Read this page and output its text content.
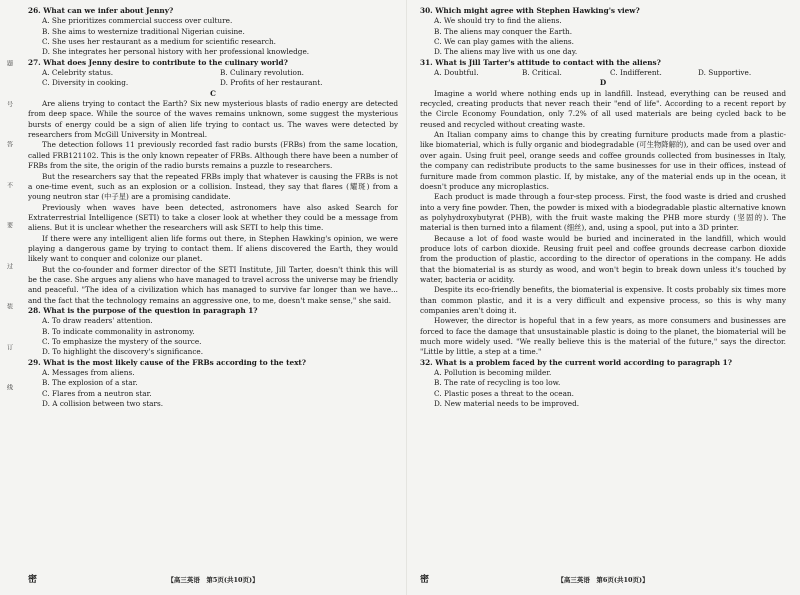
题
号
答
不
要
过
装
订
线

26. What can we infer about Jenny?

A. She prioritizes commercial success over culture.

B. She aims to westernize traditional Nigerian cuisine.

C. She uses her restaurant as a medium for scientific research.

D. She integrates her personal history with her professional knowledge.

27. What does Jenny desire to contribute to the culinary world?

A. Celebrity status.	B. Culinary revolution.
C. Diversity in cooking.	D. Profits of her restaurant.

C

Are aliens trying to contact the Earth? Six new mysterious blasts of radio energy are detected from deep space. While the source of the waves remains unknown, some suggest the mysterious bursts of energy could be a sign of alien life trying to contact us. The waves were detected by researchers from McGill University in Montreal.

The detection follows 11 previously recorded fast radio bursts (FRBs) from the same location, called FRB121102. This is the only known repeater of FRBs. Although there have been a number of FRBs from the site, the origin of the radio bursts remains a puzzle to researchers.

But the researchers say that the repeated FRBs imply that whatever is causing the FRBs is not a one-time event, such as an explosion or a collision. Instead, they say that flares (耀斑) from a young neutron star (中子星) are a promising candidate.

Previously when waves have been detected, astronomers have also asked Search for Extraterrestrial Intelligence (SETI) to take a closer look at whether they could be a message from aliens. But it is unclear whether the researchers will ask SETI to help this time.

If there were any intelligent alien life forms out there, in Stephen Hawking's opinion, we were playing a dangerous game by trying to contact them. If aliens discovered the Earth, they would likely want to conquer and colonize our planet.

But the co-founder and former director of the SETI Institute, Jill Tarter, doesn't think this will be the case. She argues any aliens who have managed to travel across the universe may be friendly and peaceful. "The idea of a civilization which has managed to survive far longer than we have... and the fact that the technology remains an aggressive one, to me, doesn't make sense," she said.

28. What is the purpose of the question in paragraph 1?

A. To draw readers' attention.

B. To indicate commonality in astronomy.

C. To emphasize the mystery of the source.

D. To highlight the discovery's significance.

29. What is the most likely cause of the FRBs according to the text?

A. Messages from aliens.

B. The explosion of a star.

C. Flares from a neutron star.

D. A collision between two stars.

密	【高三英语　第5页(共10页)】

30. Which might agree with Stephen Hawking's view?

A. We should try to find the aliens.

B. The aliens may conquer the Earth.

C. We can play games with the aliens.

D. The aliens may live with us one day.

31. What is Jill Tarter's attitude to contact with the aliens?

A. Doubtful.	B. Critical.	C. Indifferent.	D. Supportive.

D

Imagine a world where nothing ends up in landfill. Instead, everything can be reused and recycled, creating products that never reach their "end of life". According to a recent report by the Circle Economy Foundation, only 7.2% of all used materials are being cycled back to be reused and recycled without creating waste.

An Italian company aims to change this by creating furniture products made from a plastic-like biomaterial, which is fully organic and biodegradable (可生物降解的), and can be used over and over again. Using fruit peel, orange seeds and coffee grounds collected from businesses in Italy, the company can redistribute products to the same businesses for use in their offices, instead of furniture made from common plastic. If, by mistake, any of the material ends up in the ocean, it doesn't produce any microplastics.

Each product is made through a four-step process. First, the food waste is dried and crushed into a very fine powder. Then, the powder is mixed with a biodegradable plastic alternative known as polyhydroxybutyrat (PHB), with the fruit waste making the PHB more sturdy (坚固的). The material is then turned into a filament (细丝), and, using a spool, put into a 3D printer.

Because a lot of food waste would be buried and incinerated in the landfill, which would produce lots of carbon dioxide. Reusing fruit peel and coffee grounds decrease carbon dioxide from the production of plastic, according to the director of operations in the company. He adds that the biomaterial is as sturdy as wood, and won't begin to break down unless it's touched by water, bacteria or acidity.

Despite its eco-friendly benefits, the biomaterial is expensive. It costs probably six times more than common plastic, and it is a very difficult and expensive process, so this is why many companies aren't doing it.

However, the director is hopeful that in a few years, as more consumers and businesses are forced to face the damage that unsustainable plastic is doing to the planet, the biomaterial will be much more widely used. "We really believe this is the material of the future," says the director. "Little by little, a step at a time."

32. What is a problem faced by the current world according to paragraph 1?

A. Pollution is becoming milder.

B. The rate of recycling is too low.

C. Plastic poses a threat to the ocean.

D. New material needs to be improved.

密	【高三英语　第6页(共10页)】
